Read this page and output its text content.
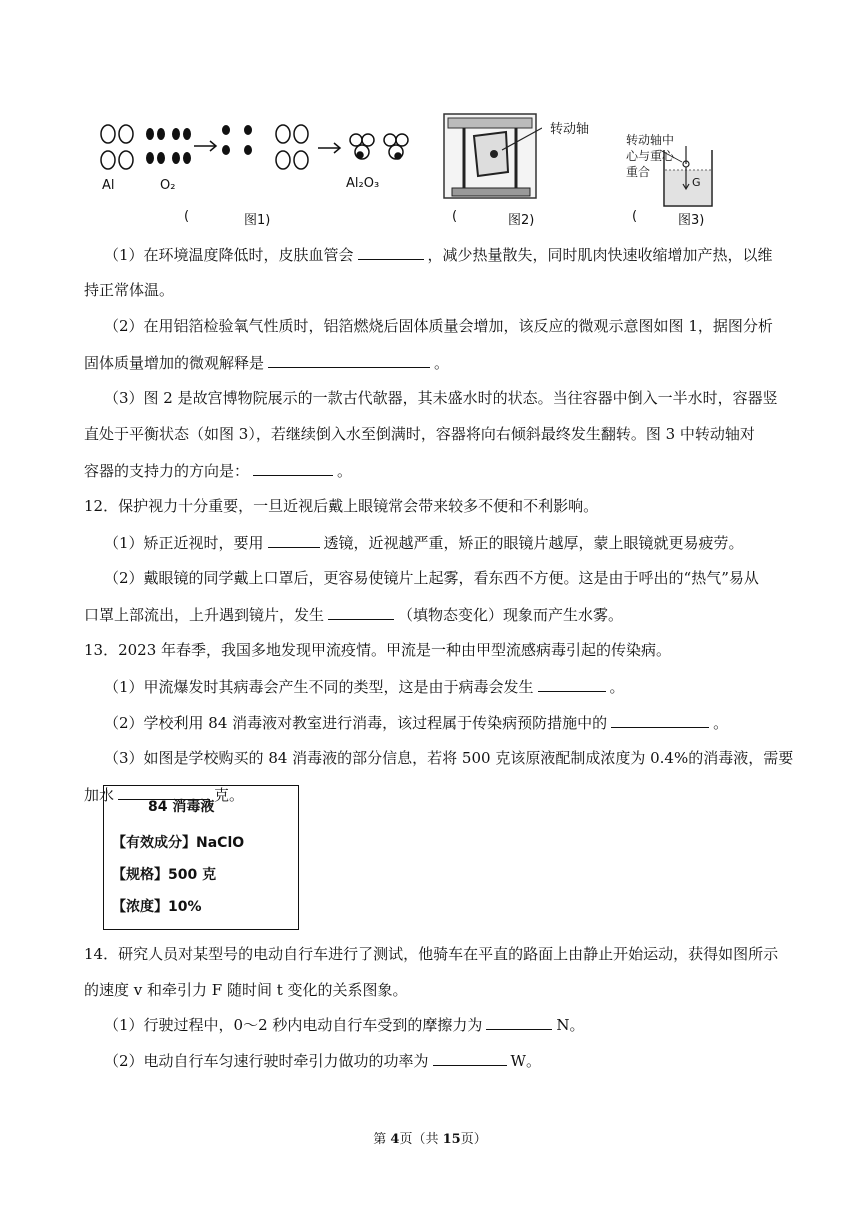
Al	O₂	Al₂O₃
(	图1)
转动轴
(	图2)
转动轴中
心与重心
重合
G
(	图3)
（1）在环境温度降低时，皮肤血管会	，减少热量散失，同时肌肉快速收缩增加产热，以维
持正常体温。
（2）在用铝箔检验氧气性质时，铝箔燃烧后固体质量会增加，该反应的微观示意图如图 1，据图分析
固体质量增加的微观解释是	。
（3）图 2 是故宫博物院展示的一款古代欹器，其未盛水时的状态。当往容器中倒入一半水时，容器竖
直处于平衡状态（如图 3），若继续倒入水至倒满时，容器将向右倾斜最终发生翻转。图 3 中转动轴对
容器的支持力的方向是：	。
12．保护视力十分重要，一旦近视后戴上眼镜常会带来较多不便和不利影响。
（1）矫正近视时，要用	透镜，近视越严重，矫正的眼镜片越厚，蒙上眼镜就更易疲劳。
（2）戴眼镜的同学戴上口罩后，更容易使镜片上起雾，看东西不方便。这是由于呼出的“热气”易从
口罩上部流出，上升遇到镜片，发生	（填物态变化）现象而产生水雾。
13．2023 年春季，我国多地发现甲流疫情。甲流是一种由甲型流感病毒引起的传染病。
（1）甲流爆发时其病毒会产生不同的类型，这是由于病毒会发生	。
（2）学校利用 84 消毒液对教室进行消毒，该过程属于传染病预防措施中的	。
（3）如图是学校购买的 84 消毒液的部分信息，若将 500 克该原液配制成浓度为 0.4%的消毒液，需要
加水	克。
84 消毒液
【有效成分】NaClO
【规格】500 克
【浓度】10%
14．研究人员对某型号的电动自行车进行了测试，他骑车在平直的路面上由静止开始运动，获得如图所示
的速度 v 和牵引力 F 随时间 t 变化的关系图象。
（1）行驶过程中，0～2 秒内电动自行车受到的摩擦力为	N。
（2）电动自行车匀速行驶时牵引力做功的功率为	W。
第 4页（共 15页）
